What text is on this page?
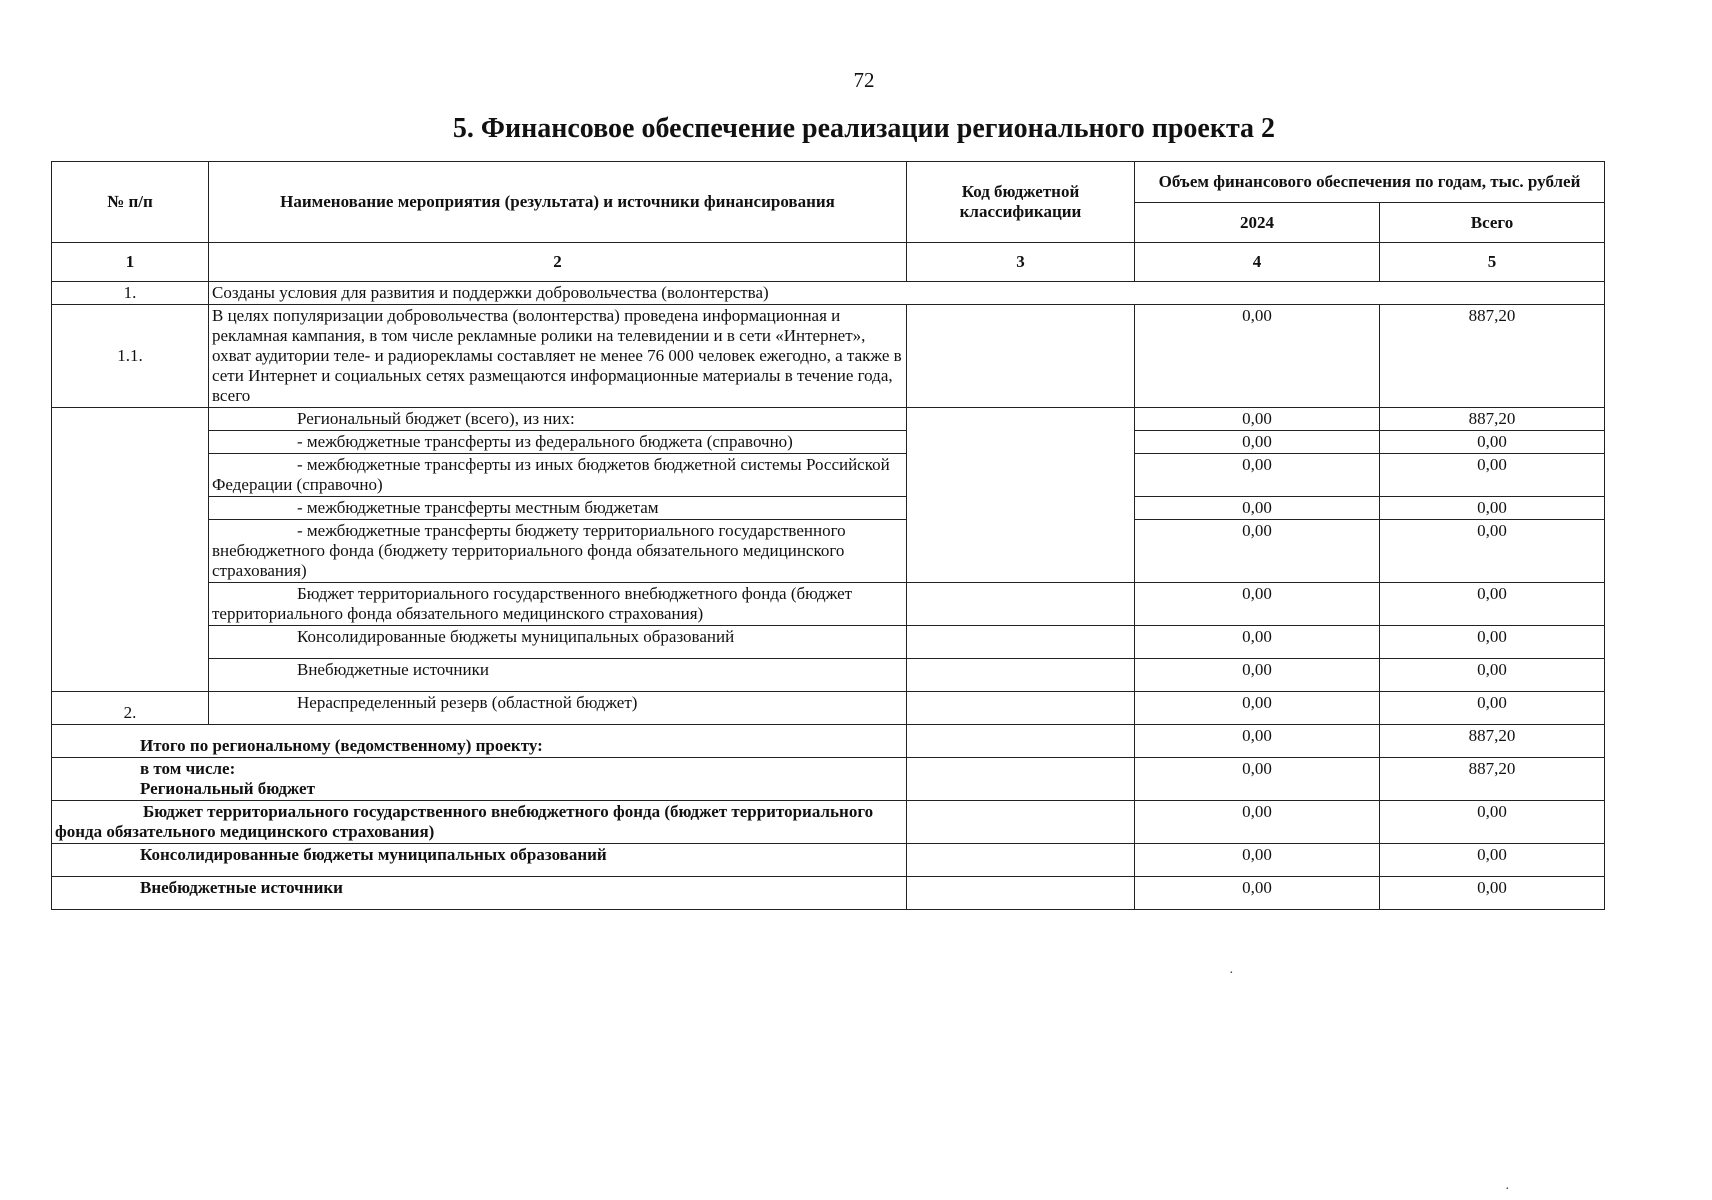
72
5. Финансовое обеспечение реализации регионального проекта 2
№ п/п	Наименование мероприятия (результата) и источники финансирования	Код бюджетной классификации	Объем финансового обеспечения по годам, тыс. рублей	
			2024	Всего
1	2	3	4	5
1.	Созданы условия для развития и поддержки добровольчества (волонтерства)			
1.1.	В целях популяризации добровольчества (волонтерства) проведена информационная и рекламная кампания, в том числе рекламные ролики на телевидении и в сети «Интернет», охват аудитории теле- и радиорекламы составляет не менее 76 000 человек ежегодно, а также в сети Интернет и социальных сетях размещаются информационные материалы в течение года, всего		0,00	887,20
	Региональный бюджет (всего), из них:		0,00	887,20
	- межбюджетные трансферты из федерального бюджета (справочно)		0,00	0,00
	- межбюджетные трансферты из иных бюджетов бюджетной системы Российской Федерации (справочно)		0,00	0,00
	- межбюджетные трансферты местным бюджетам		0,00	0,00
	- межбюджетные трансферты бюджету территориального государственного внебюджетного фонда (бюджету территориального фонда обязательного медицинского страхования)		0,00	0,00
	Бюджет территориального государственного внебюджетного фонда (бюджет территориального фонда обязательного медицинского страхования)		0,00	0,00
	Консолидированные бюджеты муниципальных образований		0,00	0,00
	Внебюджетные источники		0,00	0,00
2.	Нераспределенный резерв (областной бюджет)		0,00	0,00
Итого по региональному (ведомственному) проекту:			0,00	887,20

в том числе:
Региональный бюджет			0,00	887,20
Бюджет территориального государственного внебюджетного фонда (бюджет территориального фонда обязательного медицинского страхования)			0,00	0,00
Консолидированные бюджеты муниципальных образований			0,00	0,00
Внебюджетные источники			0,00	0,00
·
·
